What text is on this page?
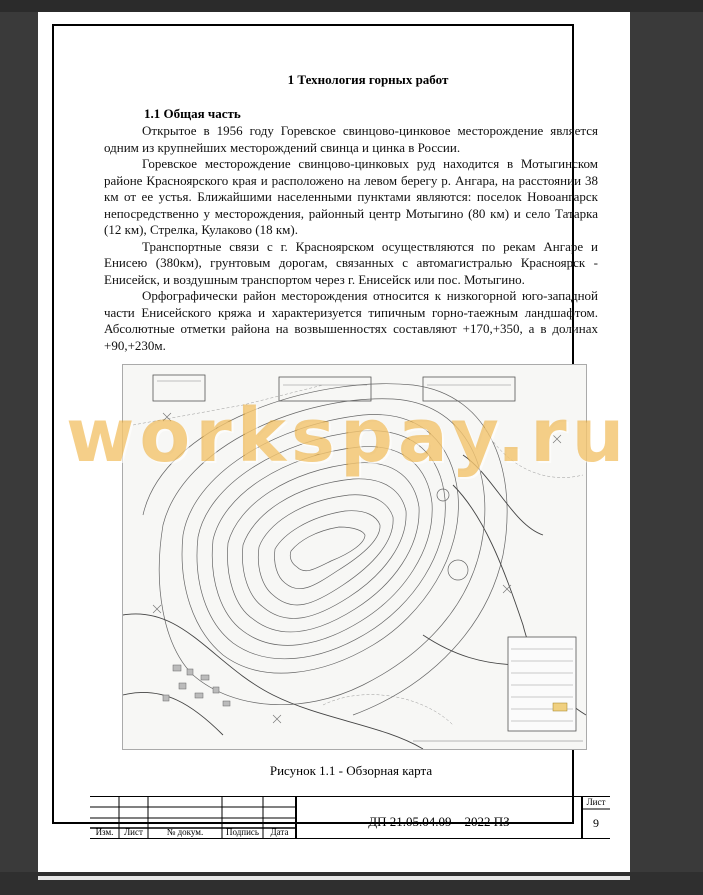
1 Технология горных работ
1.1 Общая часть

Открытое в 1956 году Горевское свинцово-цинковое месторождение является одним из крупнейших месторождений свинца и цинка в России.

Горевское месторождение свинцово-цинковых руд находится в Мотыгинском районе Красноярского края и расположено на левом берегу р. Ангара, на расстоянии 38 км от ее устья. Ближайшими населенными пунктами являются: поселок Новоангарск непосредственно у месторождения, районный центр Мотыгино (80 км) и село Татарка (12 км), Стрелка, Кулаково (18 км).

Транспортные связи с г. Красноярском осуществляются по рекам Ангаре и Енисею (380км), грунтовым дорогам, связанных с автомагистралью Красноярск - Енисейск, и воздушным транспортом через г. Енисейск или пос. Мотыгино.

Орфографически район месторождения относится к низкогорной юго-западной части Енисейского кряжа и характеризуется типичным горно-таежным ландшафтом. Абсолютные отметки района на возвышенностях составляют +170,+350, а в долинах +90,+230м.

workspay.ru
Рисунок 1.1 - Обзорная карта
Изм.	Лист	№ докум.	Подпись	Дата
ДП 21.05.04.09 – 2022 ПЗ
Лист
9
